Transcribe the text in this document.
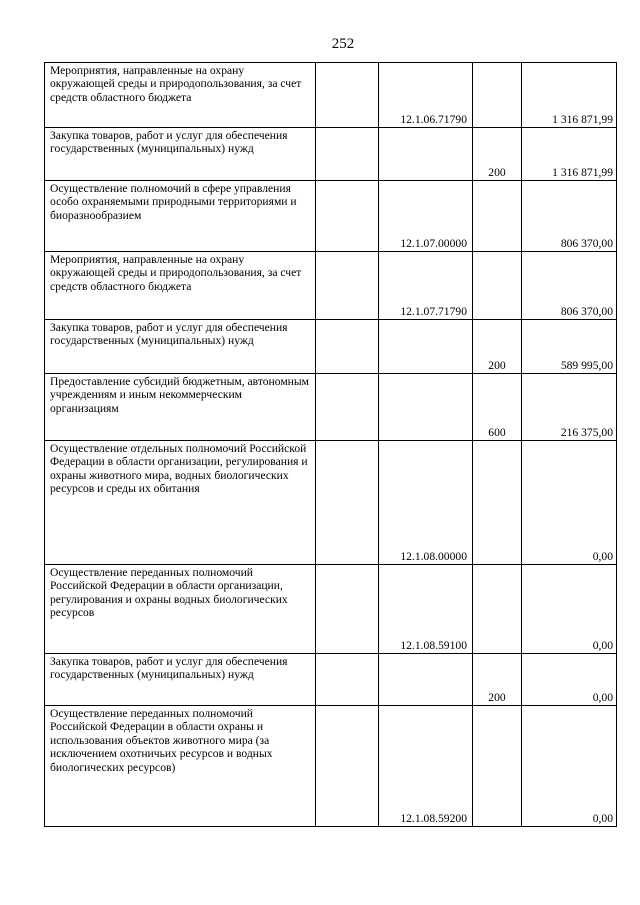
252
Мероприятия, направленные на охрану окружающей среды и природопользования, за счет средств областного бюджета		12.1.06.71790		1 316 871,99
Закупка товаров, работ и услуг для обеспечения государственных (муниципальных) нужд			200	1 316 871,99
Осуществление полномочий в сфере управления особо охраняемыми природными территориями и биоразнообразием		12.1.07.00000		806 370,00
Мероприятия, направленные на охрану окружающей среды и природопользования, за счет средств областного бюджета		12.1.07.71790		806 370,00
Закупка товаров, работ и услуг для обеспечения государственных (муниципальных) нужд			200	589 995,00
Предоставление субсидий бюджетным, автономным учреждениям и иным некоммерческим организациям			600	216 375,00
Осуществление отдельных полномочий Российской Федерации в области организации, регулирования и охраны животного мира, водных биологических ресурсов и среды их обитания		12.1.08.00000		0,00
Осуществление переданных полномочий Российской Федерации в области организации, регулирования и охраны водных биологических ресурсов		12.1.08.59100		0,00
Закупка товаров, работ и услуг для обеспечения государственных (муниципальных) нужд			200	0,00
Осуществление переданных полномочий Российской Федерации в области охраны и использования объектов животного мира (за исключением охотничьих ресурсов и водных биологических ресурсов)		12.1.08.59200		0,00
